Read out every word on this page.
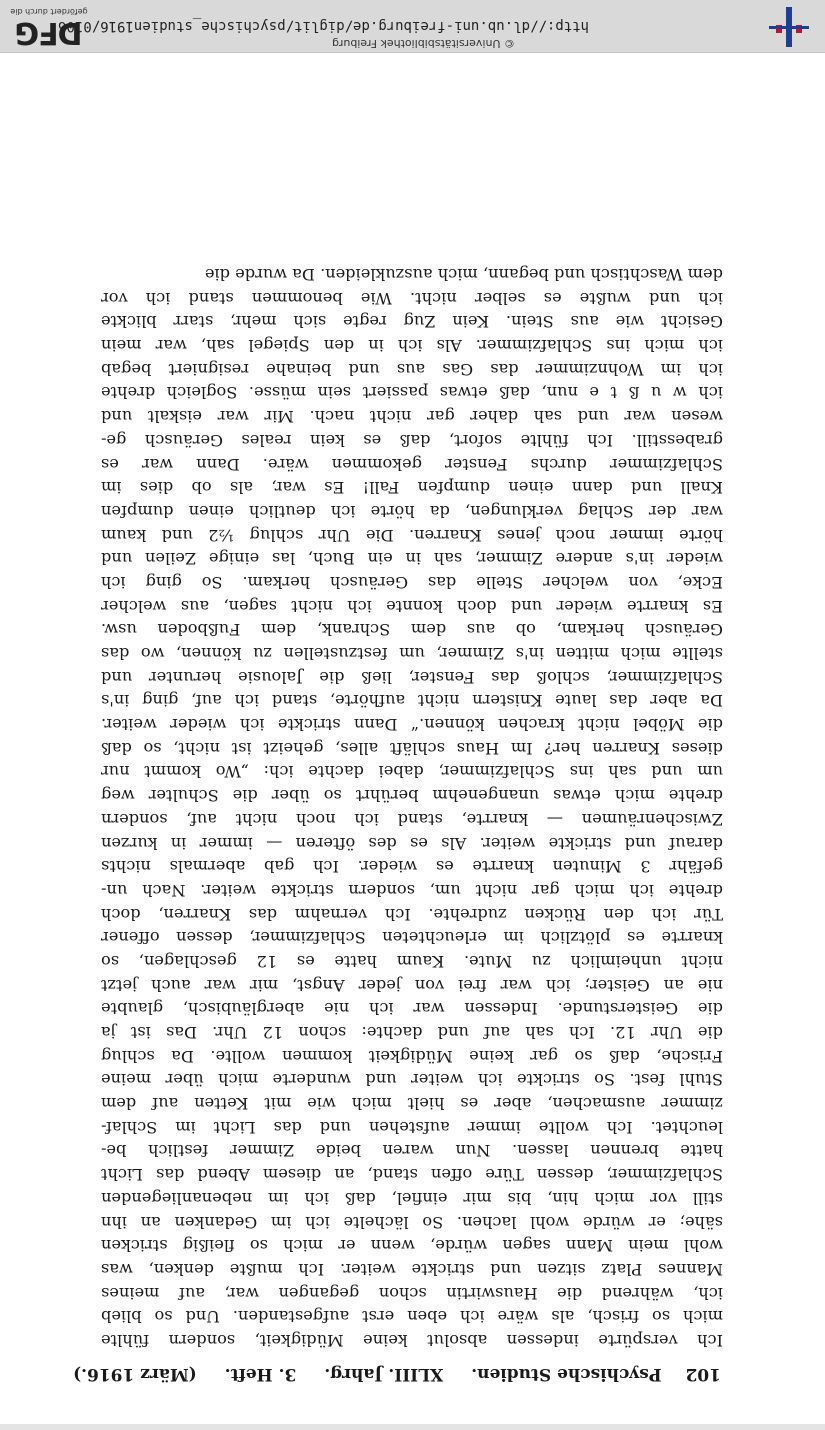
102 Psychische Studien. XLIII. Jahrg. 3. Heft. (März 1916.)
Ich verspürte indessen absolut keine Müdigkeit, sondern fühlte
mich so frisch, als wäre ich eben erst aufgestanden. Und so blieb
ich, während die Hauswirtin schon gegangen war, auf meines
Mannes Platz sitzen und strickte weiter. Ich mußte denken, was
wohl mein Mann sagen würde, wenn er mich so fleißig stricken
sähe; er würde wohl lachen. So lächelte ich im Gedanken an ihn
still vor mich hin, bis mir einfiel, daß ich im nebenanliegenden
Schlafzimmer, dessen Türe offen stand, an diesem Abend das Licht
hatte brennen lassen. Nun waren beide Zimmer festlich be-
leuchtet. Ich wollte immer aufstehen und das Licht im Schlaf-
zimmer ausmachen, aber es hielt mich wie mit Ketten auf dem
Stuhl fest. So strickte ich weiter und wunderte mich über meine
Frische, daß so gar keine Müdigkeit kommen wollte. Da schlug
die Uhr 12. Ich sah auf und dachte: schon 12 Uhr. Das ist ja
die Geisterstunde. Indessen war ich nie abergläubisch, glaubte
nie an Geister; ich war frei von jeder Angst, mir war auch jetzt
nicht unheimlich zu Mute. Kaum hatte es 12 geschlagen, so
knarrte es plötzlich im erleuchteten Schlafzimmer, dessen offener
Tür ich den Rücken zudrehte. Ich vernahm das Knarren, doch
drehte ich mich gar nicht um, sondern strickte weiter. Nach un-
gefähr 3 Minuten knarrte es wieder. Ich gab abermals nichts
darauf und strickte weiter. Als es des öfteren — immer in kurzen
Zwischenräumen — knarrte, stand ich noch nicht auf, sondern
drehte mich etwas unangenehm berührt so über die Schulter weg
um und sah ins Schlafzimmer, dabei dachte ich: „Wo kommt nur
dieses Knarren her? Im Haus schläft alles, geheizt ist nicht, so daß
die Möbel nicht krachen können.“ Dann strickte ich wieder weiter.
Da aber das laute Knistern nicht aufhörte, stand ich auf, ging in's
Schlafzimmer, schloß das Fenster, ließ die Jalousie herunter und
stellte mich mitten in's Zimmer, um festzustellen zu können, wo das
Geräusch herkam, ob aus dem Schrank, dem Fußboden usw.
Es knarrte wieder und doch konnte ich nicht sagen, aus welcher
Ecke, von welcher Stelle das Geräusch herkam. So ging ich
wieder in's andere Zimmer, sah in ein Buch, las einige Zeilen und
hörte immer noch jenes Knarren. Die Uhr schlug ½2 und kaum
war der Schlag verklungen, da hörte ich deutlich einen dumpfen
Knall und dann einen dumpfen Fall! Es war, als ob dies im
Schlafzimmer durchs Fenster gekommen wäre. Dann war es
grabesstill. Ich fühlte sofort, daß es kein reales Geräusch ge-
wesen war und sah daher gar nicht nach. Mir war eiskalt und
ich w u ß t e nun, daß etwas passiert sein müsse. Sogleich drehte
ich im Wohnzimmer das Gas aus und beinahe resigniert begab
ich mich ins Schlafzimmer. Als ich in den Spiegel sah, war mein
Gesicht wie aus Stein. Kein Zug regte sich mehr, starr blickte
ich und wußte es selber nicht. Wie benommen stand ich vor
dem Waschtisch und begann, mich auszukleiden. Da wurde die
© Universitätsbibliothek Freiburg
http://dl.ub.uni-freiburg.de/diglit/psychische_studien1916/0106
DFG
gefördert durch die
